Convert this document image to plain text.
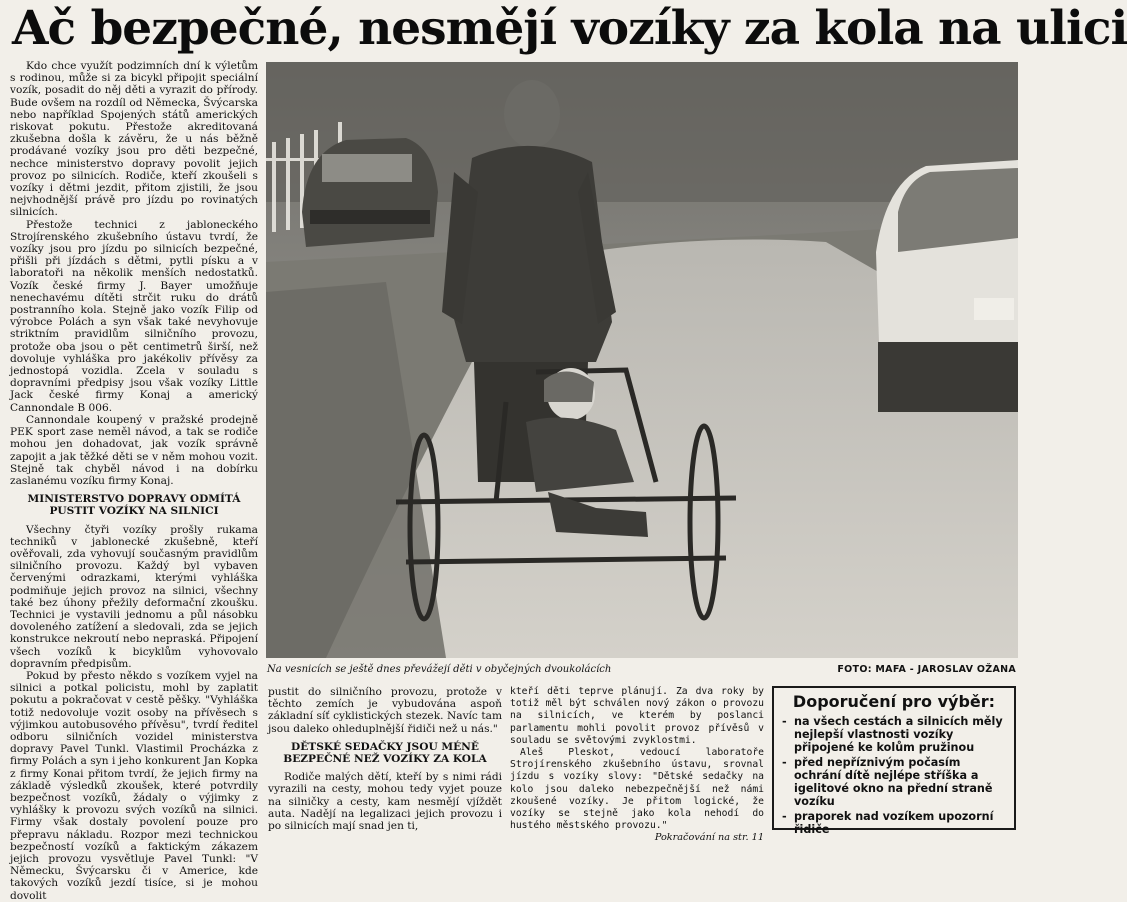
Ač bezpečné, nesmějí vozíky za kola na ulici

Kdo chce využít podzimních dní k výletům s rodinou, může si za bicykl připojit speciální vozík, posadit do něj děti a vyrazit do přírody. Bude ovšem na rozdíl od Německa, Švýcarska nebo například Spojených států amerických riskovat pokutu. Přestože akreditovaná zkušebna došla k závěru, že u nás běžně prodávané vozíky jsou pro děti bezpečné, nechce ministerstvo dopravy povolit jejich provoz po silnicích. Rodiče, kteří zkoušeli s vozíky i dětmi jezdit, přitom zjistili, že jsou nejvhodnější právě pro jízdu po rovinatých silnicích.

Přestože technici z jabloneckého Strojírenského zkušebního ústavu tvrdí, že vozíky jsou pro jízdu po silnicích bezpečné, přišli při jízdách s dětmi, pytli písku a v laboratoři na několik menších nedostatků. Vozík české firmy J. Bayer umožňuje nenechavému dítěti strčit ruku do drátů postranního kola. Stejně jako vozík Filip od výrobce Polách a syn však také nevyhovuje striktním pravidlům silničního provozu, protože oba jsou o pět centimetrů širší, než dovoluje vyhláška pro jakékoliv přívěsy za jednostopá vozidla. Zcela v souladu s dopravními předpisy jsou však vozíky Little Jack české firmy Konaj a americký Cannondale B 006.

Cannondale koupený v pražské prodejně PEK sport zase neměl návod, a tak se rodiče mohou jen dohadovat, jak vozík správně zapojit a jak těžké děti se v něm mohou vozit. Stejně tak chyběl návod i na dobírku zaslanému vozíku firmy Konaj.

MINISTERSTVO DOPRAVY ODMÍTÁ PUSTIT VOZÍKY NA SILNICI

Všechny čtyři vozíky prošly rukama techniků v jablonecké zkušebně, kteří ověřovali, zda vyhovují současným pravidlům silničního provozu. Každý byl vybaven červenými odrazkami, kterými vyhláška podmiňuje jejich provoz na silnici, všechny také bez úhony přežily deformační zkoušku. Technici je vystavili jednomu a půl násobku dovoleného zatížení a sledovali, zda se jejich konstrukce nekroutí nebo nepraská. Připojení všech vozíků k bicyklům vyhovovalo dopravním předpisům.

Pokud by přesto někdo s vozíkem vyjel na silnici a potkal policistu, mohl by zaplatit pokutu a pokračovat v cestě pěšky. "Vyhláška totiž nedovoluje vozit osoby na přívěsech s výjimkou autobusového přívěsu", tvrdí ředitel odboru silničních vozidel ministerstva dopravy Pavel Tunkl. Vlastimil Procházka z firmy Polách a syn i jeho konkurent Jan Kopka z firmy Konai přitom tvrdí, že jejich firmy na základě výsledků zkoušek, které potvrdily bezpečnost vozíků, žádaly o výjimky z vyhlášky k provozu svých vozíků na silnici. Firmy však dostaly povolení pouze pro přepravu nákladu. Rozpor mezi technickou bezpečností vozíků a faktickým zákazem jejich provozu vysvětluje Pavel Tunkl: "V Německu, Švýcarsku či v Americe, kde takových vozíků jezdí tisíce, si je mohou dovolit

Na vesnicích se ještě dnes převážejí děti v obyčejných dvoukolácích	FOTO: MAFA - JAROSLAV OŽANA

pustit do silničního provozu, protože v těchto zemích je vybudována aspoň základní síť cyklistických stezek. Navíc tam jsou daleko ohleduplnější řidiči než u nás."

DĚTSKÉ SEDAČKY JSOU MÉNĚ BEZPEČNÉ NEŽ VOZÍKY ZA KOLA

Rodiče malých dětí, kteří by s nimi rádi vyrazili na cesty, mohou tedy vyjet pouze na silničky a cesty, kam nesmějí vjíždět auta. Nadějí na legalizaci jejich provozu i po silnicích mají snad jen ti,

kteří děti teprve plánují. Za dva roky by totiž měl být schválen nový zákon o provozu na silnicích, ve kterém by poslanci parlamentu mohli povolit provoz přívěsů v souladu se světovými zvyklostmi.

Aleš Pleskot, vedoucí laboratoře Strojírenského zkušebního ústavu, srovnal jízdu s vozíky slovy: "Dětské sedačky na kolo jsou daleko nebezpečnější než námi zkoušené vozíky. Je přitom logické, že vozíky se stejně jako kola nehodí do hustého městského provozu."

Pokračování na str. 11
Doporučení pro výběr:
- na všech cestách a silnicích měly nejlepší vlastnosti vozíky připojené ke kolům pružinou
- před nepříznivým počasím ochrání dítě nejlépe stříška a igelitové okno na přední straně vozíku
- praporek nad vozíkem upozorní řidiče
